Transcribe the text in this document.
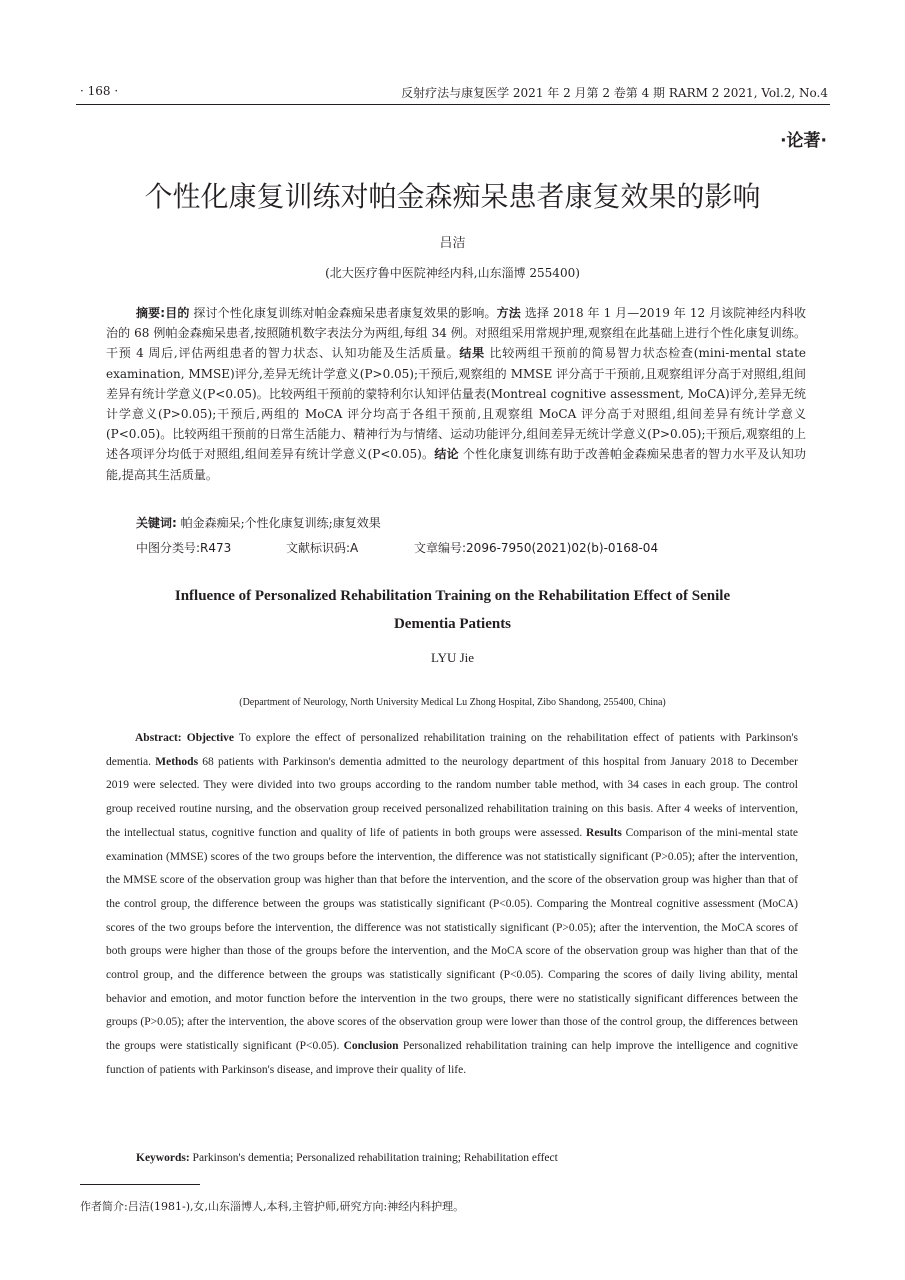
· 168 ·	反射疗法与康复医学 2021 年 2 月第 2 卷第 4 期 RARM 2 2021, Vol.2, No.4
·论著·
个性化康复训练对帕金森痴呆患者康复效果的影响
吕洁
(北大医疗鲁中医院神经内科,山东淄博 255400)

摘要:目的 探讨个性化康复训练对帕金森痴呆患者康复效果的影响。方法 选择 2018 年 1 月—2019 年 12 月该院神经内科收治的 68 例帕金森痴呆患者,按照随机数字表法分为两组,每组 34 例。对照组采用常规护理,观察组在此基础上进行个性化康复训练。干预 4 周后,评估两组患者的智力状态、认知功能及生活质量。结果 比较两组干预前的简易智力状态检查(mini-mental state examination, MMSE)评分,差异无统计学意义(P>0.05);干预后,观察组的 MMSE 评分高于干预前,且观察组评分高于对照组,组间差异有统计学意义(P<0.05)。比较两组干预前的蒙特利尔认知评估量表(Montreal cognitive assessment, MoCA)评分,差异无统计学意义(P>0.05);干预后,两组的 MoCA 评分均高于各组干预前,且观察组 MoCA 评分高于对照组,组间差异有统计学意义(P<0.05)。比较两组干预前的日常生活能力、精神行为与情绪、运动功能评分,组间差异无统计学意义(P>0.05);干预后,观察组的上述各项评分均低于对照组,组间差异有统计学意义(P<0.05)。结论 个性化康复训练有助于改善帕金森痴呆患者的智力水平及认知功能,提高其生活质量。

关键词: 帕金森痴呆;个性化康复训练;康复效果
中图分类号:R473	文献标识码:A	文章编号:2096-7950(2021)02(b)-0168-04
Influence of Personalized Rehabilitation Training on the Rehabilitation Effect of Senile
Dementia Patients
LYU Jie
(Department of Neurology, North University Medical Lu Zhong Hospital, Zibo Shandong, 255400, China)

Abstract: Objective To explore the effect of personalized rehabilitation training on the rehabilitation effect of patients with Parkinson's dementia. Methods 68 patients with Parkinson's dementia admitted to the neurology department of this hospital from January 2018 to December 2019 were selected. They were divided into two groups according to the random number table method, with 34 cases in each group. The control group received routine nursing, and the observation group received personalized rehabilitation training on this basis. After 4 weeks of intervention, the intellectual status, cognitive function and quality of life of patients in both groups were assessed. Results Comparison of the mini-mental state examination (MMSE) scores of the two groups before the intervention, the difference was not statistically significant (P>0.05); after the intervention, the MMSE score of the observation group was higher than that before the intervention, and the score of the observation group was higher than that of the control group, the difference between the groups was statistically significant (P<0.05). Comparing the Montreal cognitive assessment (MoCA) scores of the two groups before the intervention, the difference was not statistically significant (P>0.05); after the intervention, the MoCA scores of both groups were higher than those of the groups before the intervention, and the MoCA score of the observation group was higher than that of the control group, and the difference between the groups was statistically significant (P<0.05). Comparing the scores of daily living ability, mental behavior and emotion, and motor function before the intervention in the two groups, there were no statistically significant differences between the groups (P>0.05); after the intervention, the above scores of the observation group were lower than those of the control group, the differences between the groups were statistically significant (P<0.05). Conclusion Personalized rehabilitation training can help improve the intelligence and cognitive function of patients with Parkinson's disease, and improve their quality of life.

Keywords: Parkinson's dementia; Personalized rehabilitation training; Rehabilitation effect
作者简介:吕洁(1981-),女,山东淄博人,本科,主管护师,研究方向:神经内科护理。
